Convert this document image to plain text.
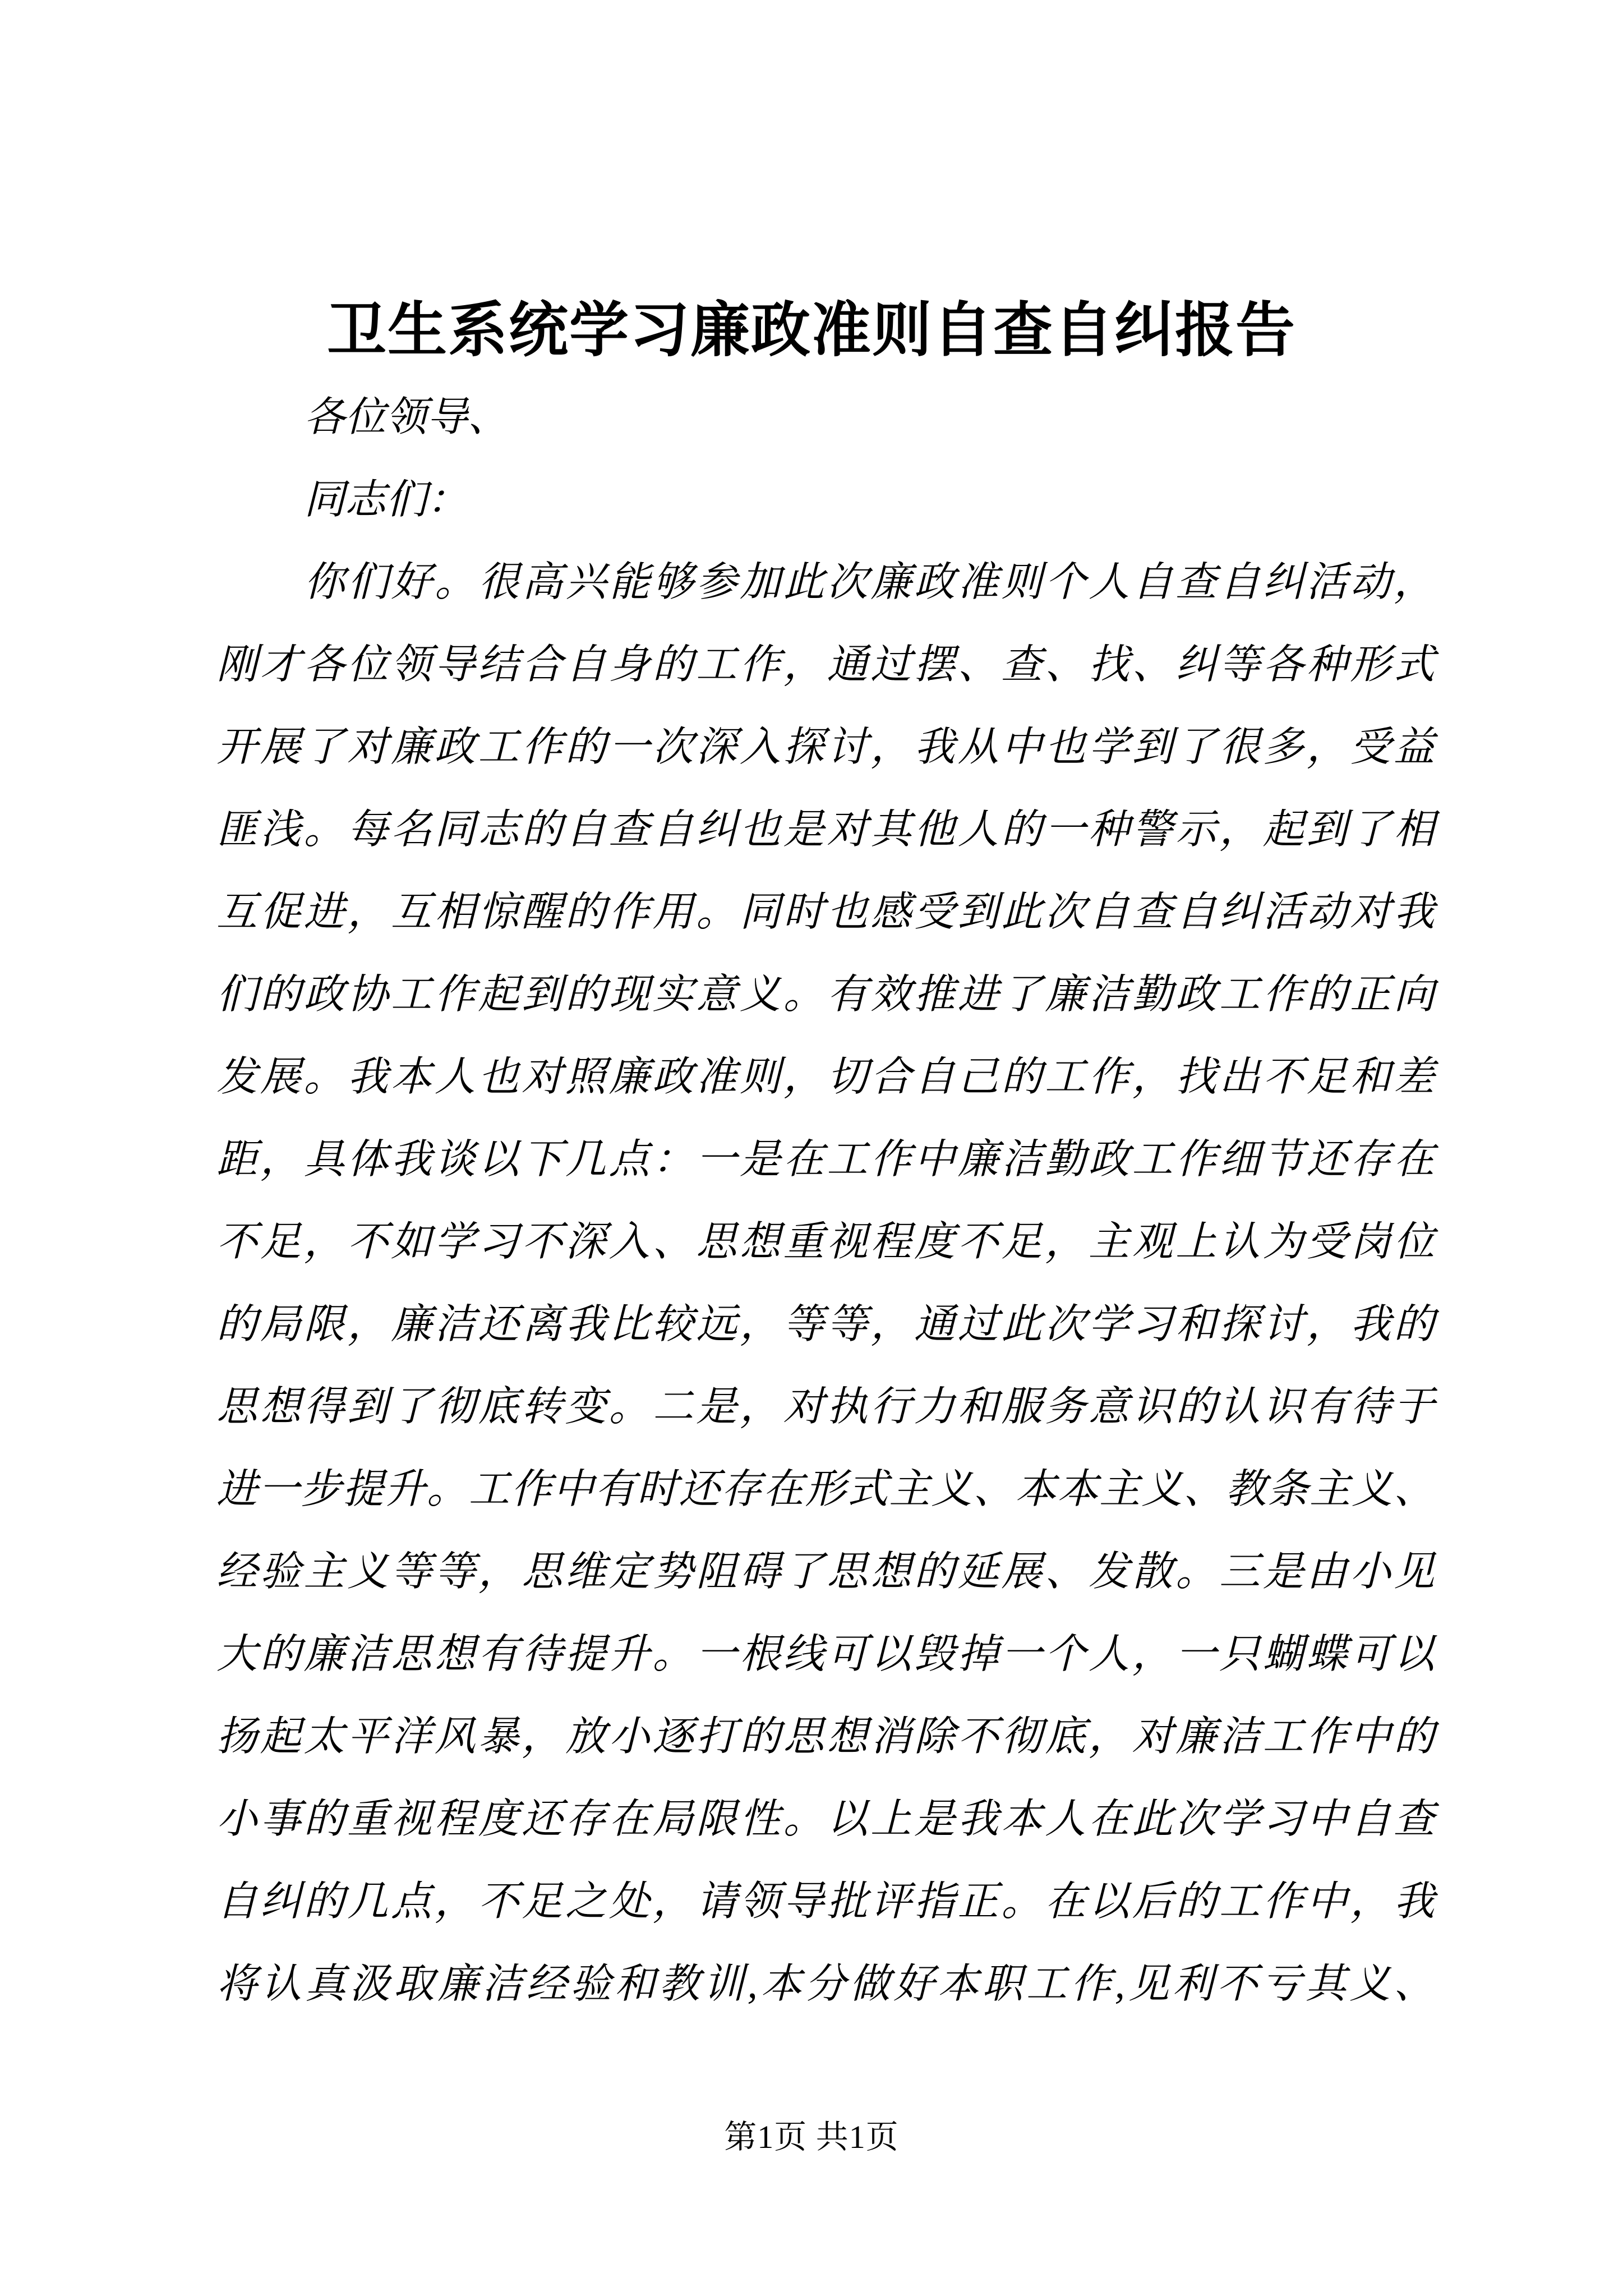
卫生系统学习廉政准则自查自纠报告
各位领导、
同志们：
你们好。很高兴能够参加此次廉政准则个人自查自纠活动，
刚才各位领导结合自身的工作，通过摆、查、找、纠等各种形式
开展了对廉政工作的一次深入探讨，我从中也学到了很多，受益
匪浅。每名同志的自查自纠也是对其他人的一种警示，起到了相
互促进，互相惊醒的作用。同时也感受到此次自查自纠活动对我
们的政协工作起到的现实意义。有效推进了廉洁勤政工作的正向
发展。我本人也对照廉政准则，切合自己的工作，找出不足和差
距，具体我谈以下几点：一是在工作中廉洁勤政工作细节还存在
不足，不如学习不深入、思想重视程度不足，主观上认为受岗位
的局限，廉洁还离我比较远，等等，通过此次学习和探讨，我的
思想得到了彻底转变。二是，对执行力和服务意识的认识有待于
进一步提升。工作中有时还存在形式主义、本本主义、教条主义、
经验主义等等，思维定势阻碍了思想的延展、发散。三是由小见
大的廉洁思想有待提升。一根线可以毁掉一个人，一只蝴蝶可以
扬起太平洋风暴，放小逐打的思想消除不彻底，对廉洁工作中的
小事的重视程度还存在局限性。以上是我本人在此次学习中自查
自纠的几点，不足之处，请领导批评指正。在以后的工作中，我
将认真汲取廉洁经验和教训,本分做好本职工作,见利不亏其义、
第1页 共1页
